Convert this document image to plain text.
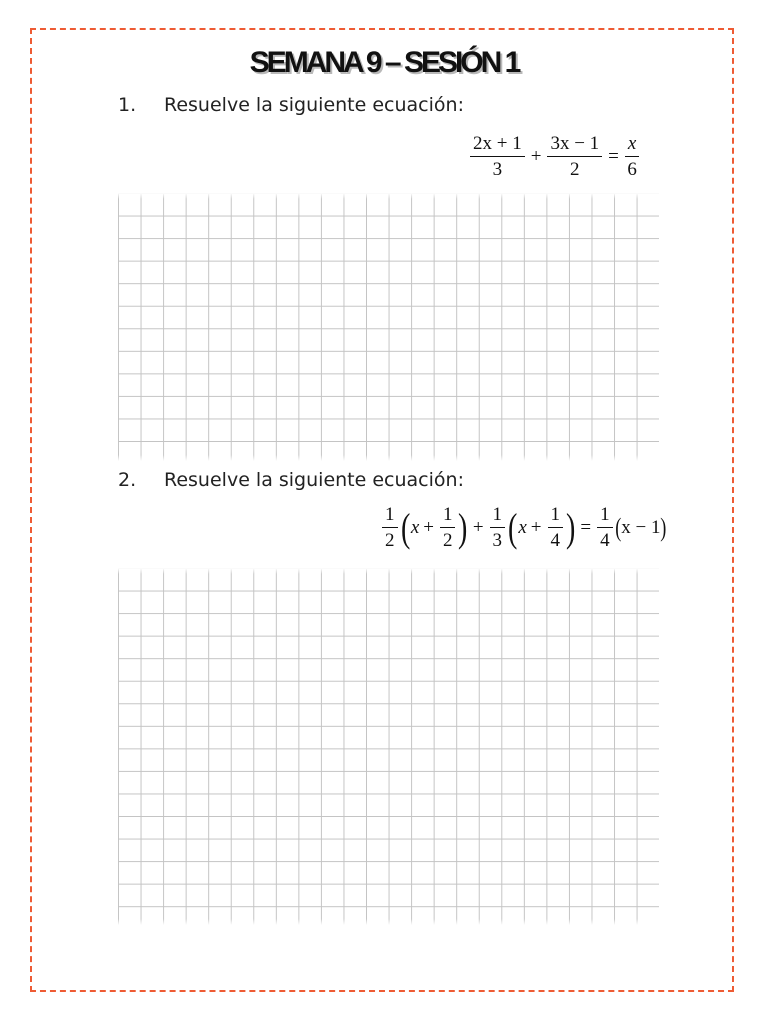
SEMANA 9 – SESIÓN 1
1. Resuelve la siguiente ecuación:
$\frac{2x + 1}{3} + \frac{3x - 1}{2} = \frac{x}{6}$
2. Resuelve la siguiente ecuación:
$\frac{1}{2}$ ( $x + \frac{1}{2}$ ) + $\frac{1}{3}$ ( $x + \frac{1}{4}$ ) = $\frac{1}{4}$ ( x − 1 )
